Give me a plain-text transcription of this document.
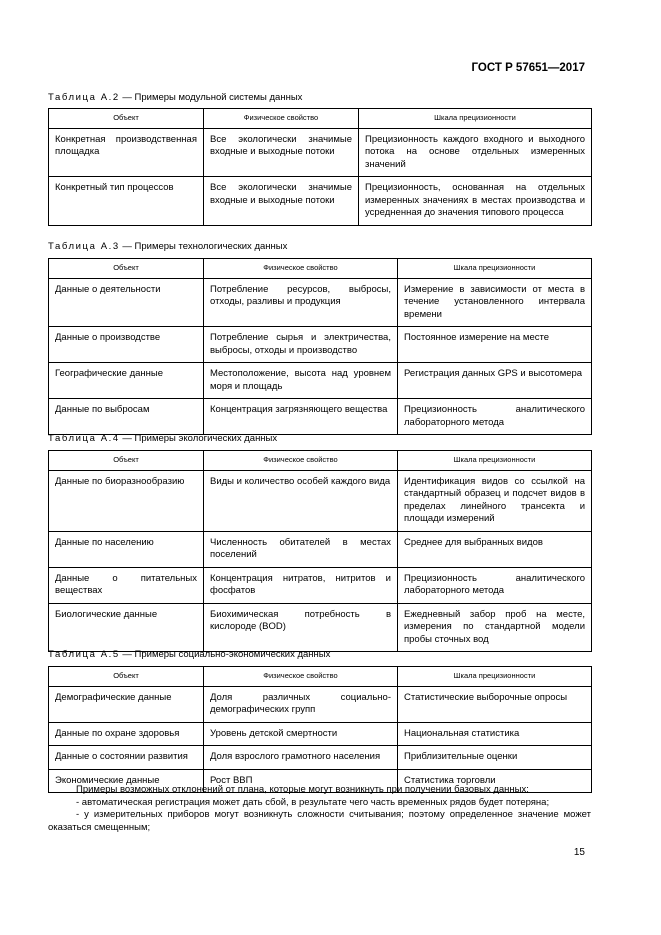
ГОСТ Р 57651—2017
Таблица А.2 — Примеры модульной системы данных
Объект	Физическое свойство	Шкала прецизионности
Конкретная производственная площадка	Все экологически значимые входные и выходные потоки	Прецизионность каждого входного и выходного потока на основе отдельных измеренных значений
Конкретный тип процессов	Все экологически значимые входные и выходные потоки	Прецизионность, основанная на отдельных измеренных значениях в местах производства и усредненная до значения типового процесса
Таблица А.3 — Примеры технологических данных
Объект	Физическое свойство	Шкала прецизионности
Данные о деятельности	Потребление ресурсов, выбросы, отходы, разливы и продукция	Измерение в зависимости от места в течение установленного интервала времени
Данные о производстве	Потребление сырья и электричества, выбросы, отходы и производство	Постоянное измерение на месте
Географические данные	Местоположение, высота над уровнем моря и площадь	Регистрация данных GPS и высотомера
Данные по выбросам	Концентрация загрязняющего вещества	Прецизионность аналитического лабораторного метода
Таблица А.4 — Примеры экологических данных
Объект	Физическое свойство	Шкала прецизионности
Данные по биоразнообразию	Виды и количество особей каждого вида	Идентификация видов со ссылкой на стандартный образец и подсчет видов в пределах линейного трансекта и площади измерений
Данные по населению	Численность обитателей в местах поселений	Среднее для выбранных видов
Данные о питательных веществах	Концентрация нитратов, нитритов и фосфатов	Прецизионность аналитического лабораторного метода
Биологические данные	Биохимическая потребность в кислороде (BOD)	Ежедневный забор проб на месте, измерения по стандартной модели пробы сточных вод
Таблица А.5 — Примеры социально-экономических данных
Объект	Физическое свойство	Шкала прецизионности
Демографические данные	Доля различных социально-демографических групп	Статистические выборочные опросы
Данные по охране здоровья	Уровень детской смертности	Национальная статистика
Данные о состоянии развития	Доля взрослого грамотного населения	Приблизительные оценки
Экономические данные	Рост ВВП	Статистика торговли

Примеры возможных отклонений от плана, которые могут возникнуть при получении базовых данных:

- автоматическая регистрация может дать сбой, в результате чего часть временных рядов будет потеряна;

- у измерительных приборов могут возникнуть сложности считывания; поэтому определенное значение может оказаться смещенным;

15
